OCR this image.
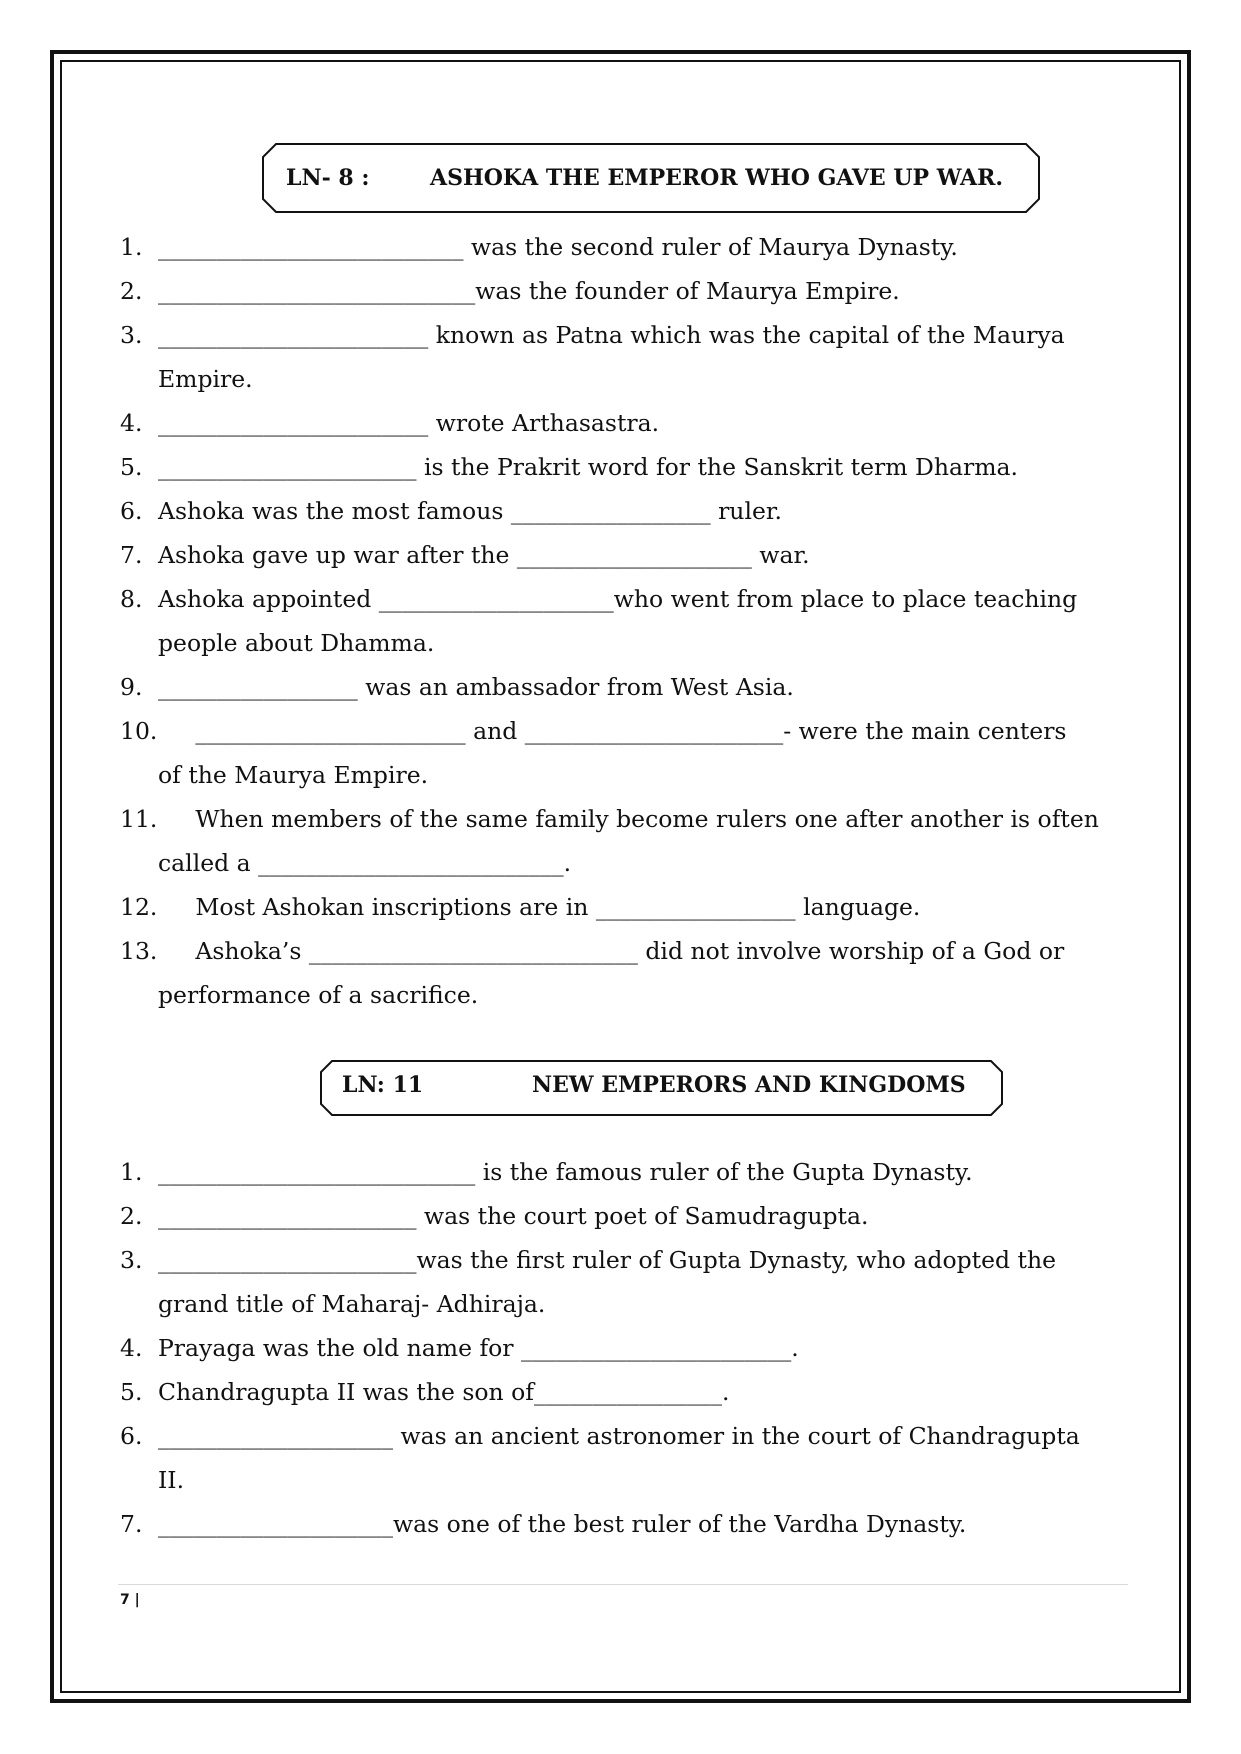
LN- 8 :	ASHOKA THE EMPEROR WHO GAVE UP WAR.
LN: 11	NEW EMPERORS AND KINGDOMS
1. __________________________ was the second ruler of Maurya Dynasty.
2. ___________________________was the founder of Maurya Empire.
3. _______________________ known as Patna which was the capital of the Maurya
Empire.
4. _______________________ wrote Arthasastra.
5. ______________________ is the Prakrit word for the Sanskrit term Dharma.
6. Ashoka was the most famous _________________ ruler.
7. Ashoka gave up war after the ____________________ war.
8. Ashoka appointed ____________________who went from place to place teaching
people about Dhamma.
9. _________________ was an ambassador from West Asia.
10. _______________________ and ______________________- were the main centers
of the Maurya Empire.
11. When members of the same family become rulers one after another is often
called a __________________________.
12. Most Ashokan inscriptions are in _________________ language.
13. Ashoka’s ____________________________ did not involve worship of a God or
performance of a sacrifice.
1. ___________________________ is the famous ruler of the Gupta Dynasty.
2. ______________________ was the court poet of Samudragupta.
3. ______________________was the first ruler of Gupta Dynasty, who adopted the
grand title of Maharaj- Adhiraja.
4. Prayaga was the old name for _______________________.
5. Chandragupta II was the son of________________.
6. ____________________ was an ancient astronomer in the court of Chandragupta
II.
7. ____________________was one of the best ruler of the Vardha Dynasty.
7 |
